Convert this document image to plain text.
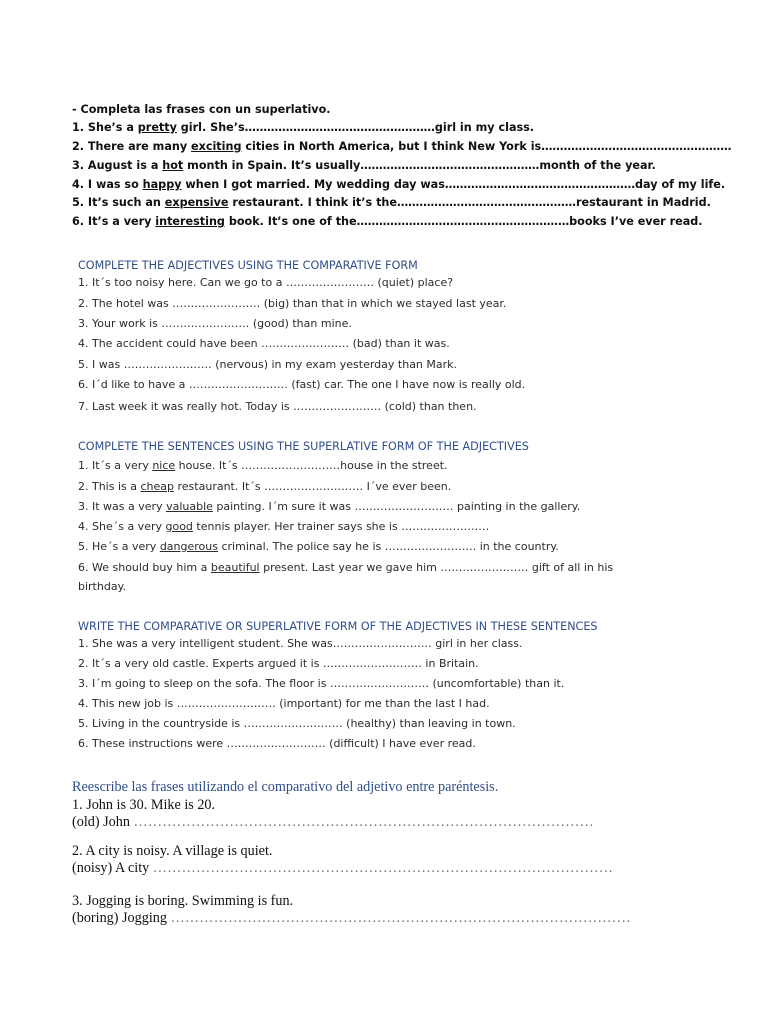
- Completa las frases con un superlativo.
1. She’s a pretty girl. She’s……………………………………………girl in my class.
2. There are many exciting cities in North America, but I think New York is……………………………………………
3. August is a hot month in Spain. It’s usually…………………………………………month of the year.
4. I was so happy when I got married. My wedding day was……………………………………………day of my life.
5. It’s such an expensive restaurant. I think it’s the…………………………………………restaurant in Madrid.
6. It’s a very interesting book. It’s one of the…………………………………………………books I’ve ever read.
COMPLETE THE ADJECTIVES USING THE COMPARATIVE FORM
1. It´s too noisy here. Can we go to a …………………… (quiet) place?
2. The hotel was …………………… (big) than that in which we stayed last year.
3. Your work is …………………… (good) than mine.
4. The accident could have been …………………… (bad) than it was.
5. I was …………………… (nervous) in my exam yesterday than Mark.
6. I´d like to have a ……………………… (fast) car. The one I have now is really old.
7. Last week it was really hot. Today is …………………… (cold) than then.
COMPLETE THE SENTENCES USING THE SUPERLATIVE FORM OF THE ADJECTIVES
1. It´s a very nice house. It´s ………………………house in the street.
2. This is a cheap restaurant. It´s ……………………… I´ve ever been.
3. It was a very valuable painting. I´m sure it was ……………………… painting in the gallery.
4. She´s a very good tennis player. Her trainer says she is ……………………
5. He´s a very dangerous criminal. The police say he is ……………………. in the country.
6. We should buy him a beautiful present. Last year we gave him …………………… gift of all in his
birthday.
WRITE THE COMPARATIVE OR SUPERLATIVE FORM OF THE ADJECTIVES IN THESE SENTENCES
1. She was a very intelligent student. She was……………………… girl in her class.
2. It´s a very old castle. Experts argued it is ……………………… in Britain.
3. I´m going to sleep on the sofa. The floor is ……………………… (uncomfortable) than it.
4. This new job is ……………………… (important) for me than the last I had.
5. Living in the countryside is ……………………… (healthy) than leaving in town.
6. These instructions were ……………………… (difficult) I have ever read.
Reescribe las frases utilizando el comparativo del adjetivo entre paréntesis.
1. John is 30. Mike is 20.
(old) John ……………………………………………………………………………………
2. A city is noisy. A village is quiet.
(noisy) A city ……………………………………………………………………………………
3. Jogging is boring. Swimming is fun.
(boring) Jogging ……………………………………………………………………………………
